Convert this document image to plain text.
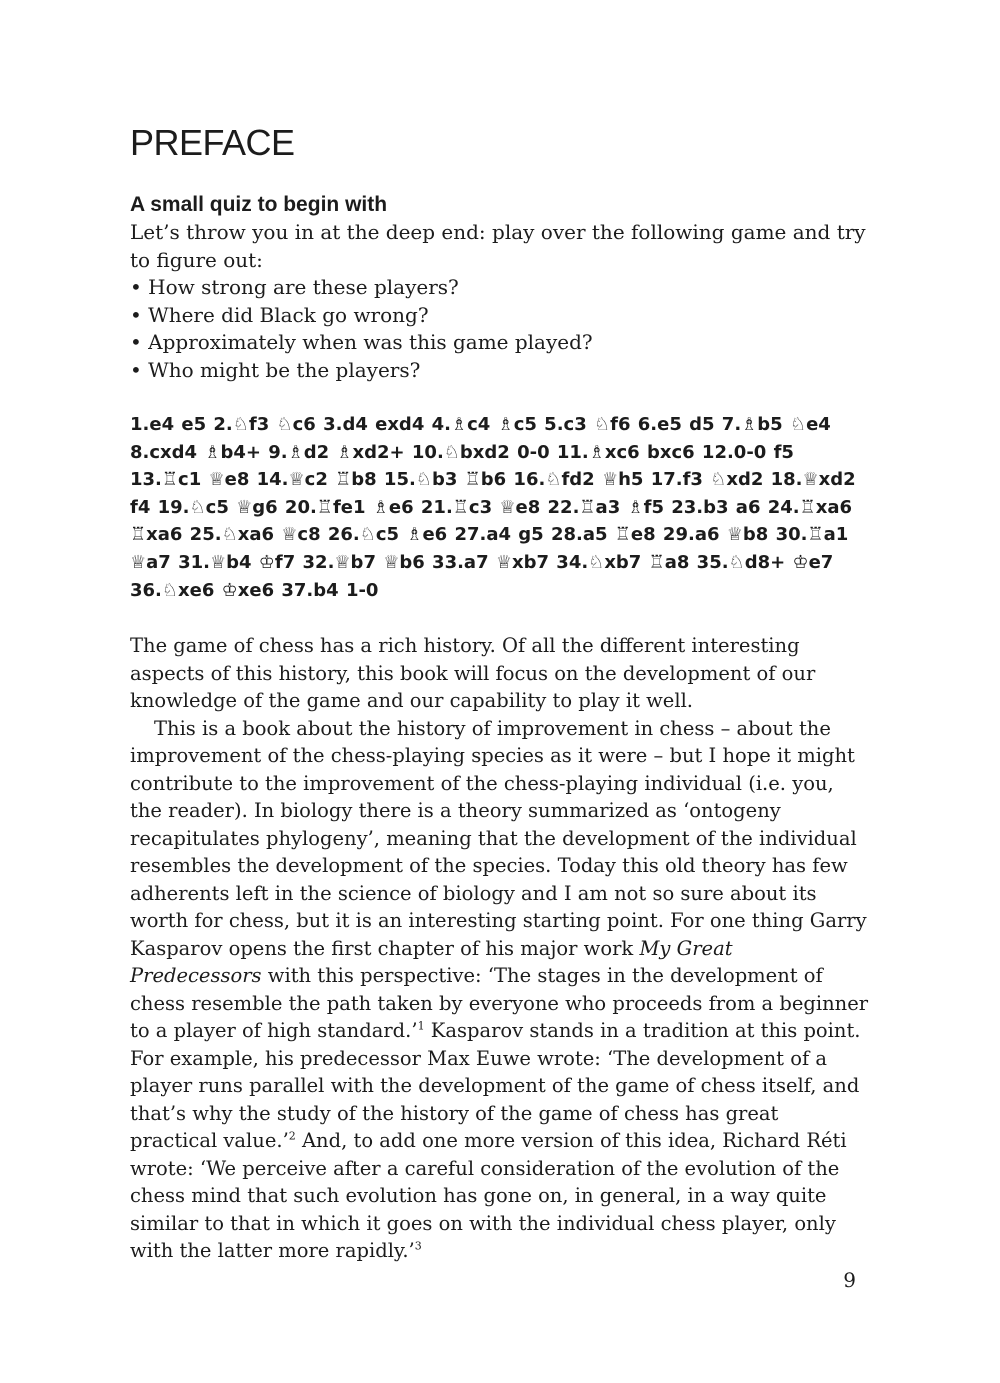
PREFACE
A small quiz to begin with

Let’s throw you in at the deep end: play over the following game and try to figure out:

• How strong are these players?
• Where did Black go wrong?
• Approximately when was this game played?
• Who might be the players?

1.e4 e5 2.♘f3 ♘c6 3.d4 exd4 4.♗c4 ♗c5 5.c3 ♘f6 6.e5 d5 7.♗b5 ♘e4 8.cxd4 ♗b4+ 9.♗d2 ♗xd2+ 10.♘bxd2 0-0 11.♗xc6 bxc6 12.0-0 f5 13.♖c1 ♕e8 14.♕c2 ♖b8 15.♘b3 ♖b6 16.♘fd2 ♕h5 17.f3 ♘xd2 18.♕xd2 f4 19.♘c5 ♕g6 20.♖fe1 ♗e6 21.♖c3 ♕e8 22.♖a3 ♗f5 23.b3 a6 24.♖xa6 ♖xa6 25.♘xa6 ♕c8 26.♘c5 ♗e6 27.a4 g5 28.a5 ♖e8 29.a6 ♕b8 30.♖a1 ♕a7 31.♕b4 ♔f7 32.♕b7 ♕b6 33.a7 ♕xb7 34.♘xb7 ♖a8 35.♘d8+ ♔e7 36.♘xe6 ♔xe6 37.b4 1-0

The game of chess has a rich history. Of all the different interesting aspects of this history, this book will focus on the development of our knowledge of the game and our capability to play it well.

This is a book about the history of improvement in chess – about the improvement of the chess-playing species as it were – but I hope it might contribute to the improvement of the chess-playing individual (i.e. you, the reader). In biology there is a theory summarized as ‘ontogeny recapitulates phylogeny’, meaning that the development of the individual resembles the development of the species. Today this old theory has few adherents left in the science of biology and I am not so sure about its worth for chess, but it is an interesting starting point. For one thing Garry Kasparov opens the first chapter of his major work My Great Predecessors with this perspective: ‘The stages in the development of chess resemble the path taken by everyone who proceeds from a beginner to a player of high standard.’$^1$ Kasparov stands in a tradition at this point. For example, his predecessor Max Euwe wrote: ‘The development of a player runs parallel with the development of the game of chess itself, and that’s why the study of the history of the game of chess has great practical value.’$^2$ And, to add one more version of this idea, Richard Réti wrote: ‘We perceive after a careful consideration of the evolution of the chess mind that such evolution has gone on, in general, in a way quite similar to that in which it goes on with the individual chess player, only with the latter more rapidly.’$^3$

9
